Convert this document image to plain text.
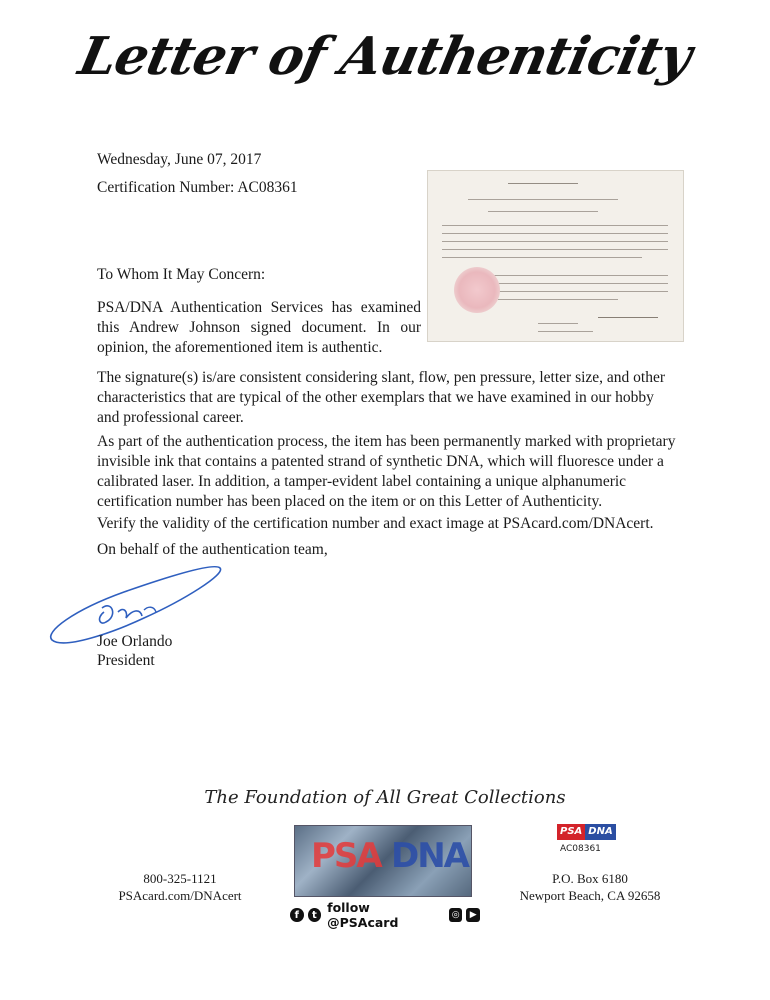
Letter of Authenticity
Wednesday, June 07, 2017
Certification Number: AC08361
To Whom It May Concern:
PSA/DNA Authentication Services has examined this Andrew Johnson signed document. In our opinion, the aforementioned item is authentic.
The signature(s) is/are consistent considering slant, flow, pen pressure, letter size, and other characteristics that are typical of the other exemplars that we have examined in our hobby and professional career.
As part of the authentication process, the item has been permanently marked with proprietary invisible ink that contains a patented strand of synthetic DNA, which will fluoresce under a calibrated laser. In addition, a tamper-evident label containing a unique alphanumeric certification number has been placed on the item or on this Letter of Authenticity.
Verify the validity of the certification number and exact image at PSAcard.com/DNAcert.
On behalf of the authentication team,
Joe Orlando
President
The Foundation of All Great Collections
800-325-1121
PSAcard.com/DNAcert
PSA DNA
f	t follow @PSAcard	◎	▶
PSA DNA
AC08361
P.O. Box 6180
Newport Beach, CA 92658
